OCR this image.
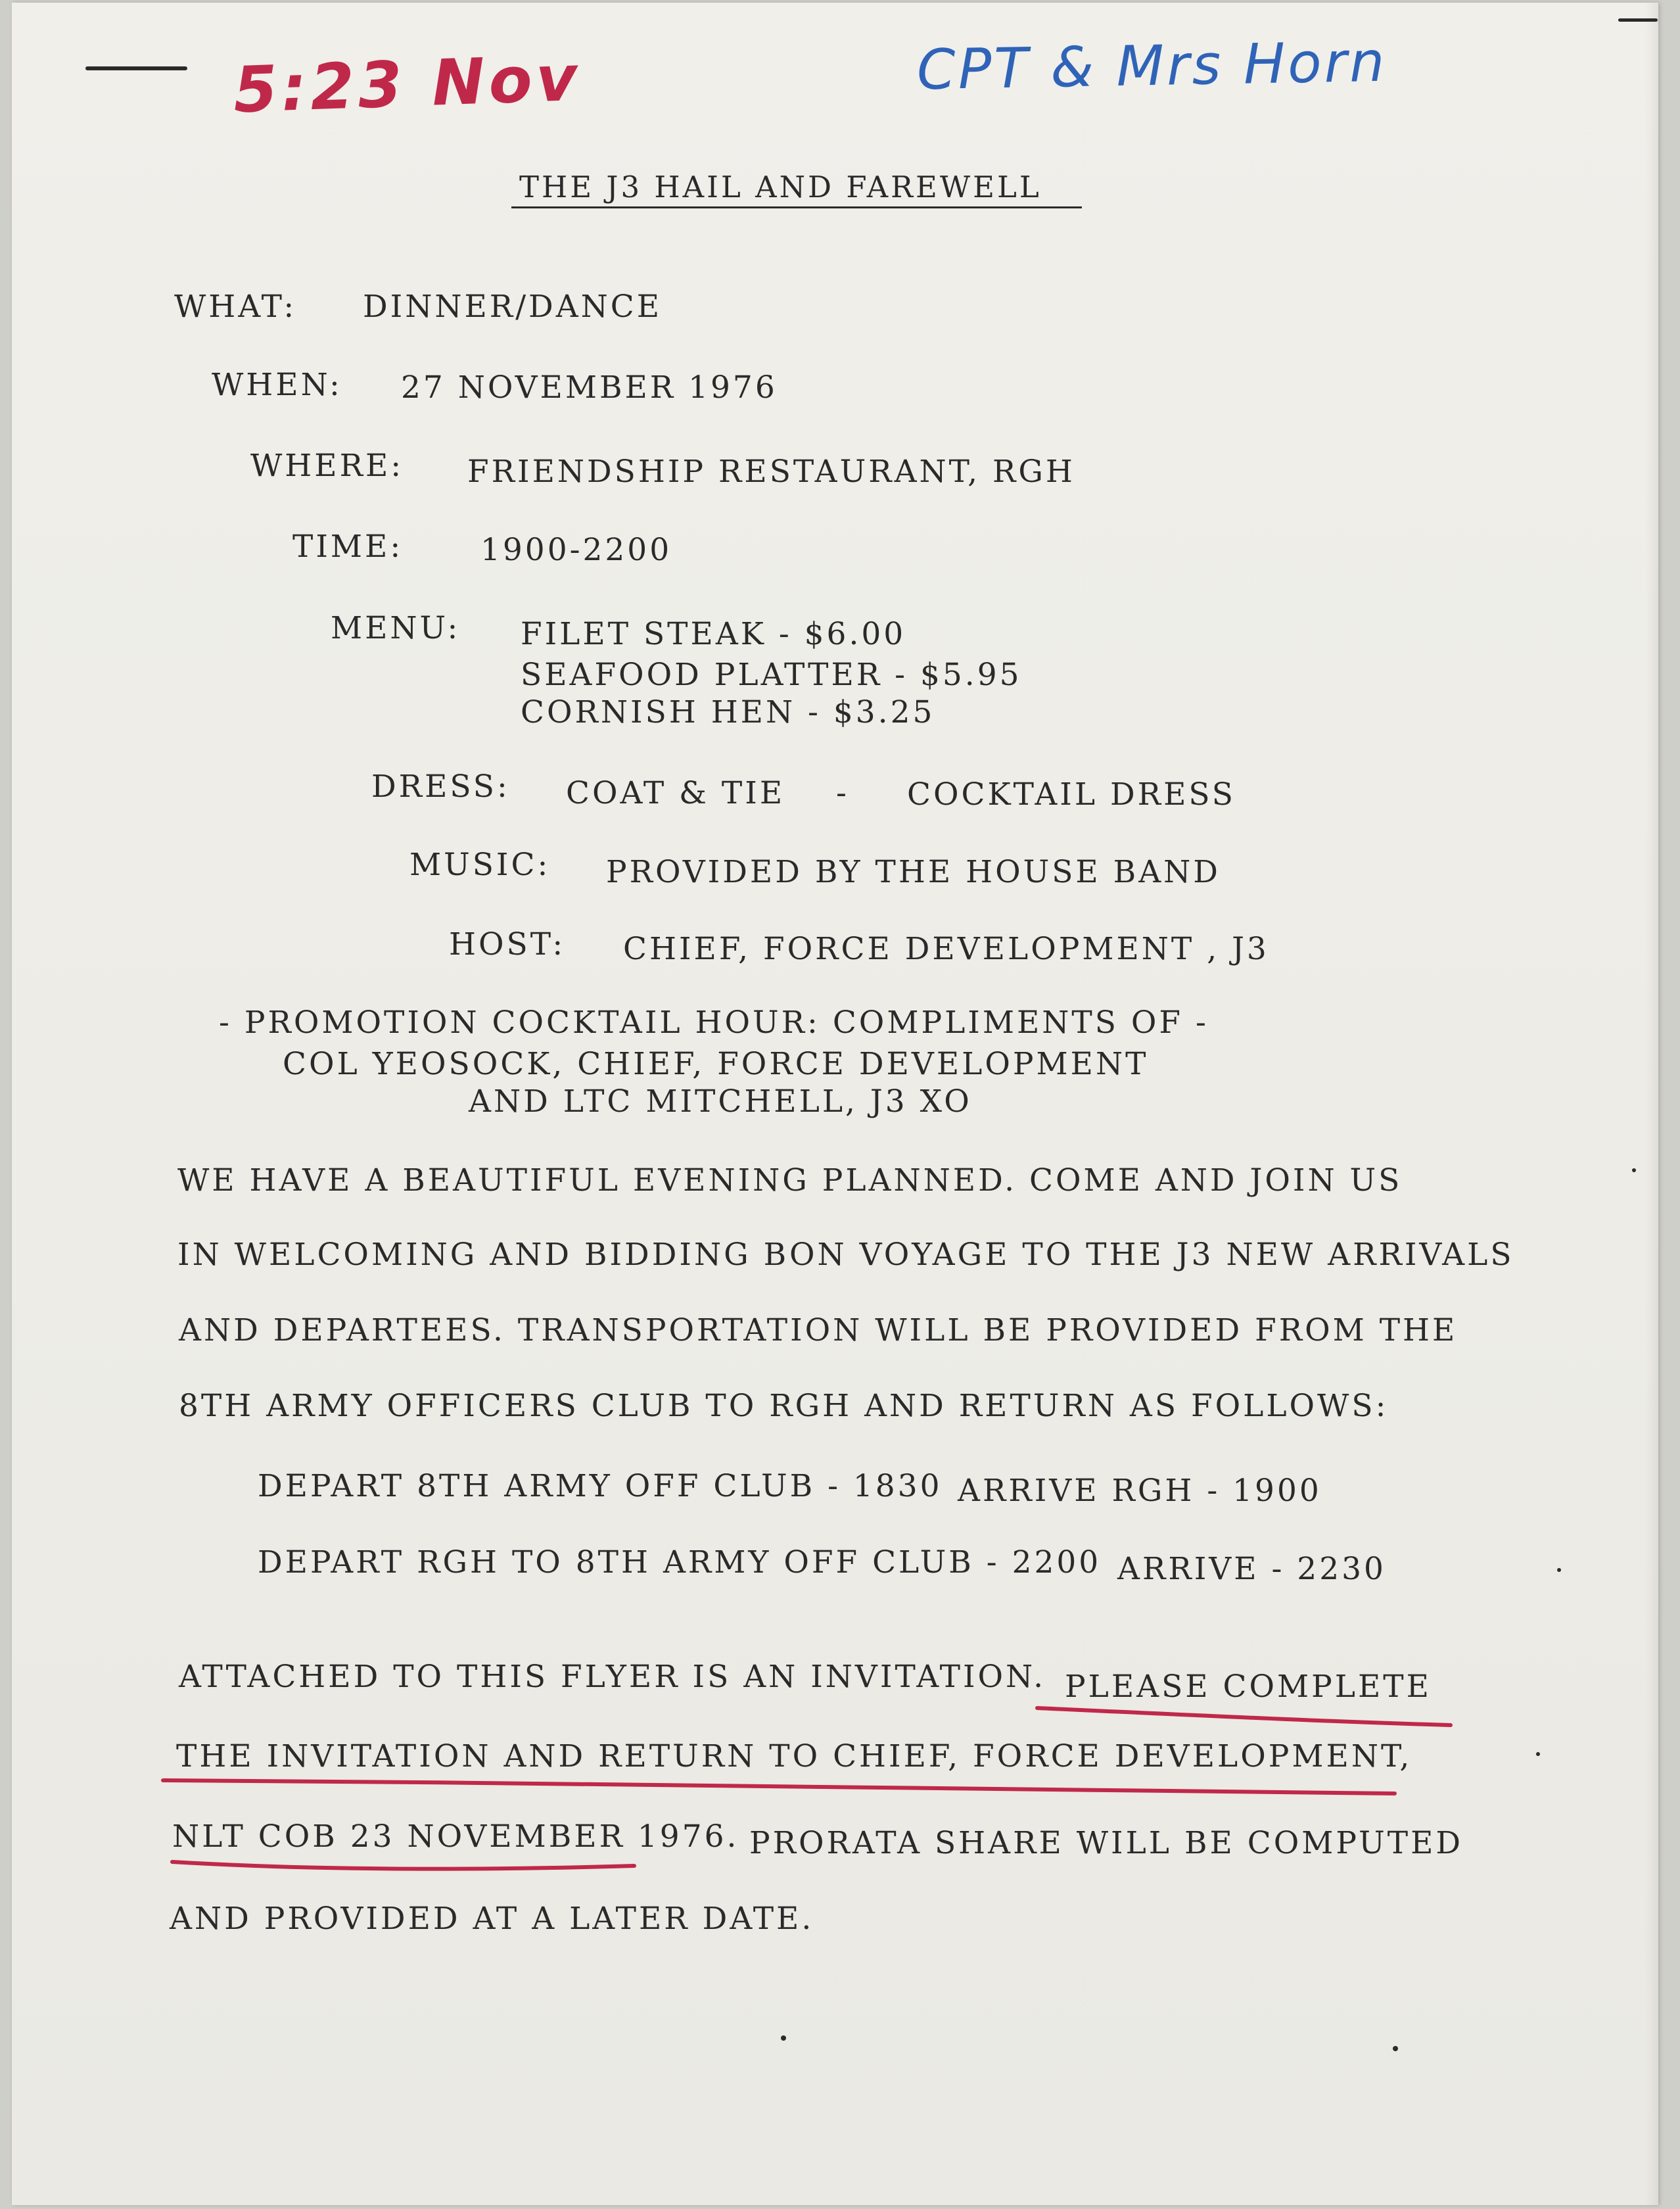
5:23 Nov	CPT & Mrs Horn
THE J3 HAIL AND FAREWELL
WHAT: DINNER/DANCE
WHEN: 27 NOVEMBER 1976
WHERE: FRIENDSHIP RESTAURANT, RGH
TIME:	1900-2200
MENU: FILET STEAK - $6.00
SEAFOOD PLATTER - $5.95
CORNISH HEN - $3.25
DRESS: COAT & TIE - COCKTAIL DRESS
MUSIC: PROVIDED BY THE HOUSE BAND
HOST: CHIEF, FORCE DEVELOPMENT , J3
- PROMOTION COCKTAIL HOUR: COMPLIMENTS OF -
COL YEOSOCK, CHIEF, FORCE DEVELOPMENT
AND LTC MITCHELL, J3 XO
WE HAVE A BEAUTIFUL EVENING PLANNED. COME AND JOIN US
IN WELCOMING AND BIDDING BON VOYAGE TO THE J3 NEW ARRIVALS
AND DEPARTEES. TRANSPORTATION WILL BE PROVIDED FROM THE
8TH ARMY OFFICERS CLUB TO RGH AND RETURN AS FOLLOWS:
DEPART 8TH ARMY OFF CLUB - 1830 ARRIVE RGH - 1900
DEPART RGH TO 8TH ARMY OFF CLUB - 2200 ARRIVE - 2230
ATTACHED TO THIS FLYER IS AN INVITATION. PLEASE COMPLETE
THE INVITATION AND RETURN TO CHIEF, FORCE DEVELOPMENT,
NLT COB 23 NOVEMBER 1976. PRORATA SHARE WILL BE COMPUTED
AND PROVIDED AT A LATER DATE.
